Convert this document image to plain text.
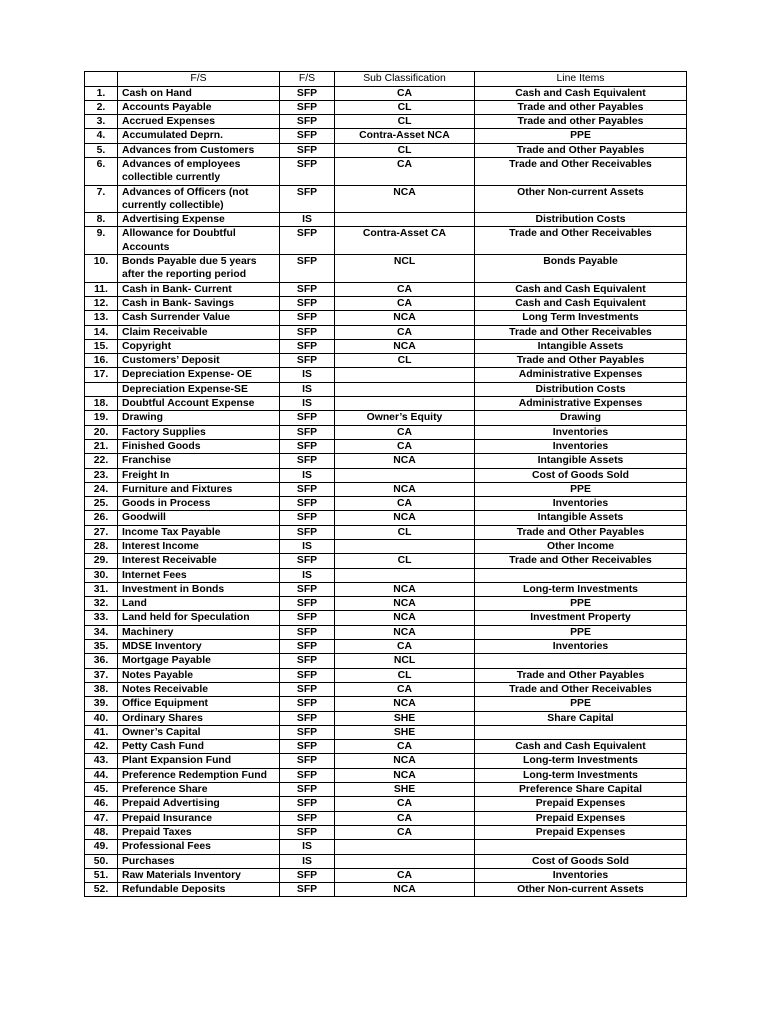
	F/S	F/S	Sub Classification	Line Items
1.	Cash on Hand	SFP	CA	Cash and Cash Equivalent
2.	Accounts Payable	SFP	CL	Trade and other Payables
3.	Accrued Expenses	SFP	CL	Trade and other Payables
4.	Accumulated Deprn.	SFP	Contra-Asset NCA	PPE
5.	Advances from Customers	SFP	CL	Trade and Other Payables
6.	Advances of employees collectible currently	SFP	CA	Trade and Other Receivables
7.	Advances of Officers (not currently collectible)	SFP	NCA	Other Non-current Assets
8.	Advertising Expense	IS		Distribution Costs
9.	Allowance for Doubtful Accounts	SFP	Contra-Asset CA	Trade and Other Receivables
10.	Bonds Payable due 5 years after the reporting period	SFP	NCL	Bonds Payable
11.	Cash in Bank- Current	SFP	CA	Cash and Cash Equivalent
12.	Cash in Bank- Savings	SFP	CA	Cash and Cash Equivalent
13.	Cash Surrender Value	SFP	NCA	Long Term Investments
14.	Claim Receivable	SFP	CA	Trade and Other Receivables
15.	Copyright	SFP	NCA	Intangible Assets
16.	Customers’ Deposit	SFP	CL	Trade and Other Payables
17.	Depreciation Expense- OE	IS		Administrative Expenses
	Depreciation Expense-SE	IS		Distribution Costs
18.	Doubtful Account Expense	IS		Administrative Expenses
19.	Drawing	SFP	Owner’s Equity	Drawing
20.	Factory Supplies	SFP	CA	Inventories
21.	Finished Goods	SFP	CA	Inventories
22.	Franchise	SFP	NCA	Intangible Assets
23.	Freight In	IS		Cost of Goods Sold
24.	Furniture and Fixtures	SFP	NCA	PPE
25.	Goods in Process	SFP	CA	Inventories
26.	Goodwill	SFP	NCA	Intangible Assets
27.	Income Tax Payable	SFP	CL	Trade and Other Payables
28.	Interest Income	IS		Other Income
29.	Interest Receivable	SFP	CL	Trade and Other Receivables
30.	Internet Fees	IS		
31.	Investment in Bonds	SFP	NCA	Long-term Investments
32.	Land	SFP	NCA	PPE
33.	Land held for Speculation	SFP	NCA	Investment Property
34.	Machinery	SFP	NCA	PPE
35.	MDSE Inventory	SFP	CA	Inventories
36.	Mortgage Payable	SFP	NCL	
37.	Notes Payable	SFP	CL	Trade and Other Payables
38.	Notes Receivable	SFP	CA	Trade and Other Receivables
39.	Office Equipment	SFP	NCA	PPE
40.	Ordinary Shares	SFP	SHE	Share Capital
41.	Owner’s Capital	SFP	SHE	
42.	Petty Cash Fund	SFP	CA	Cash and Cash Equivalent
43.	Plant Expansion Fund	SFP	NCA	Long-term Investments
44.	Preference Redemption Fund	SFP	NCA	Long-term Investments
45.	Preference Share	SFP	SHE	Preference Share Capital
46.	Prepaid Advertising	SFP	CA	Prepaid Expenses
47.	Prepaid Insurance	SFP	CA	Prepaid Expenses
48.	Prepaid Taxes	SFP	CA	Prepaid Expenses
49.	Professional Fees	IS		
50.	Purchases	IS		Cost of Goods Sold
51.	Raw Materials Inventory	SFP	CA	Inventories
52.	Refundable Deposits	SFP	NCA	Other Non-current Assets
